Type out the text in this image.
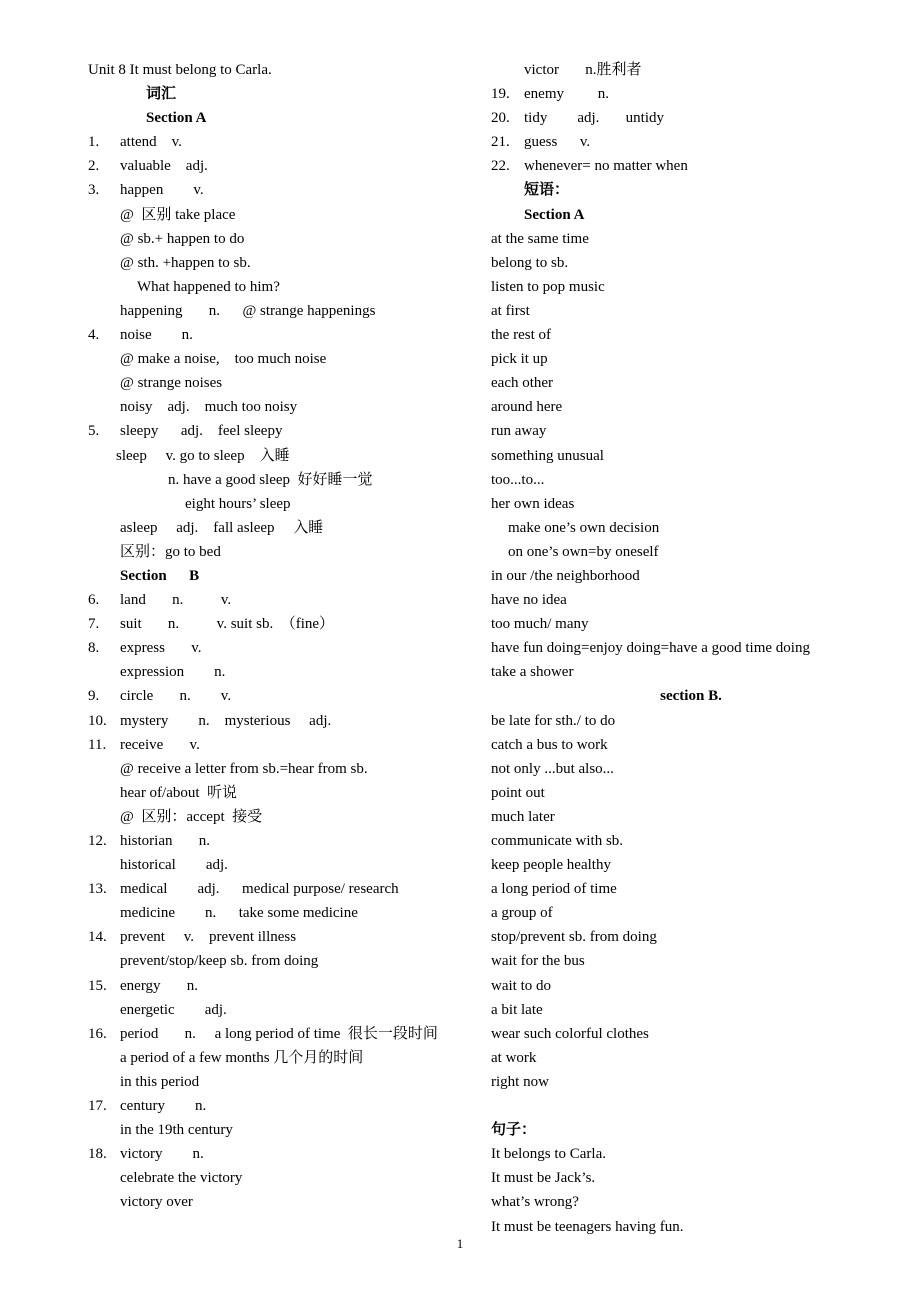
Unit 8 It must belong to Carla.
词汇
Section A
1. attend    v.
2. valuable    adj.
3. happen        v.
@  区别 take place
@ sb.+ happen to do
@ sth. +happen to sb.
What happened to him?
happening       n.      @ strange happenings
4. noise        n.
@ make a noise,    too much noise
@ strange noises
noisy    adj.    much too noisy
5. sleepy      adj.    feel sleepy
sleep     v. go to sleep    入睡
n. have a good sleep  好好睡一觉
eight hours’ sleep
asleep     adj.    fall asleep     入睡
区别：go to bed
Section      B
6. land       n.          v.
7. suit       n.          v. suit sb.  （fine）
8. express       v.
expression        n.
9. circle       n.        v.
10. mystery        n.    mysterious     adj.
11. receive       v.
@ receive a letter from sb.=hear from sb.
hear of/about  听说
@  区别：accept  接受
12. historian       n.
historical        adj.
13. medical        adj.      medical purpose/ research
medicine        n.      take some medicine
14. prevent     v.    prevent illness
prevent/stop/keep sb. from doing
15. energy       n.
energetic        adj.
16. period       n.     a long period of time  很长一段时间
a period of a few months 几个月的时间
in this period
17. century        n.
in the 19th century
18. victory        n.
celebrate the victory
victory over
victor       n.胜利者
19. enemy         n.
20. tidy        adj.       untidy
21. guess      v.
22. whenever= no matter when
短语：
Section A
at the same time
belong to sb.
listen to pop music
at first
the rest of
pick it up
each other
around here
run away
something unusual
too...to...
her own ideas
make one’s own decision
on one’s own=by oneself
in our /the neighborhood
have no idea
too much/ many
have fun doing=enjoy doing=have a good time doing
take a shower
section B.
be late for sth./ to do
catch a bus to work
not only ...but also...
point out
much later
communicate with sb.
keep people healthy
a long period of time
a group of
stop/prevent sb. from doing
wait for the bus
wait to do
a bit late
wear such colorful clothes
at work
right now
句子：
It belongs to Carla.
It must be Jack’s.
what’s wrong?
It must be teenagers having fun.
1
